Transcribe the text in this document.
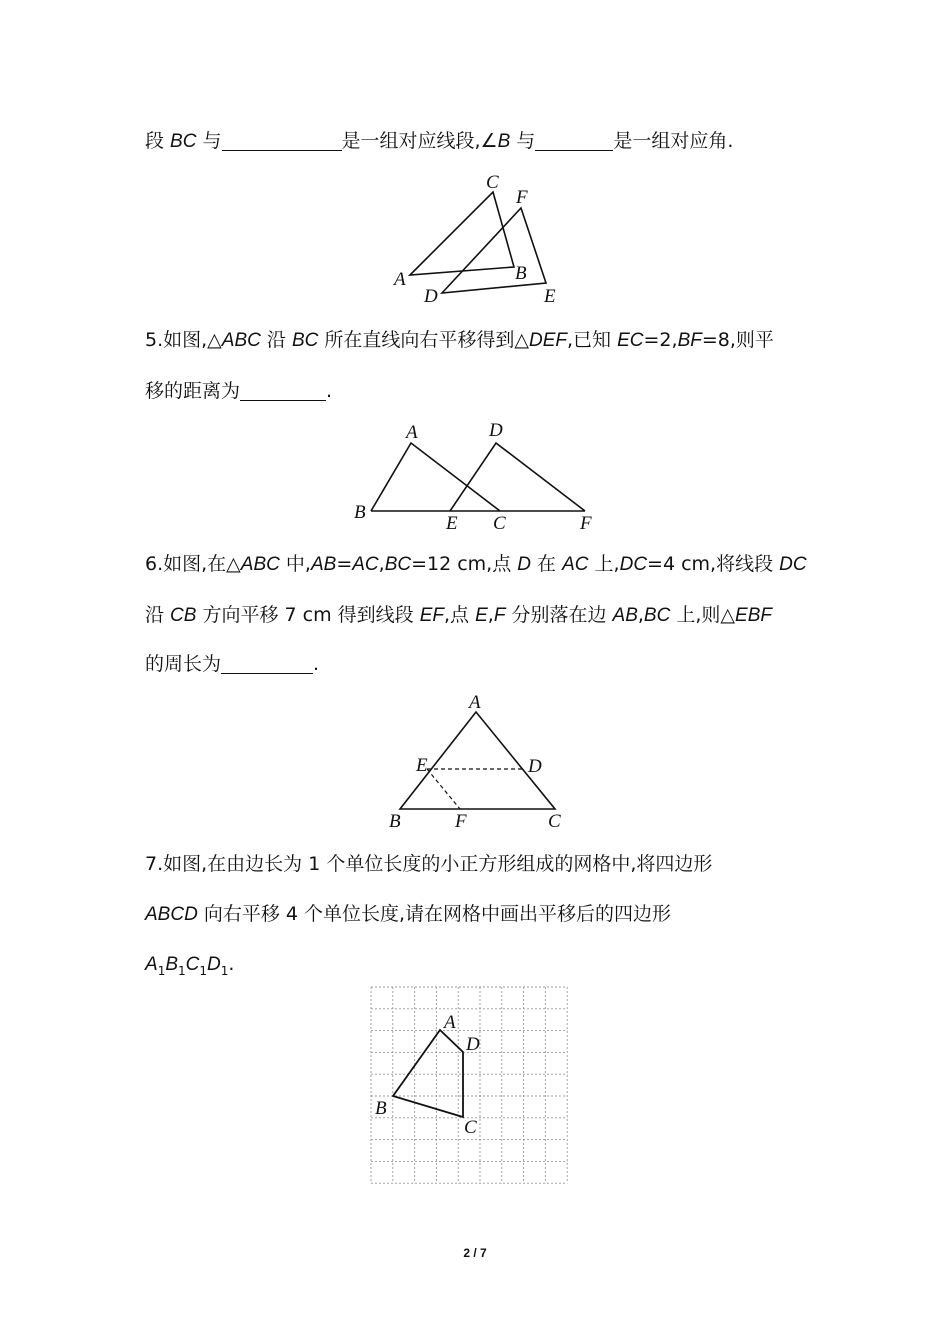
段 BC 与	是一组对应线段,∠B 与	是一组对应角.
C
F
A	B
D	E
5.如图,△ABC 沿 BC 所在直线向右平移得到△DEF,已知 EC=2,BF=8,则平
移的距离为	.
A	D
B
E C	F
6.如图,在△ABC 中,AB=AC,BC=12 cm,点 D 在 AC 上,DC=4 cm,将线段 DC
沿 CB 方向平移 7 cm 得到线段 EF,点 E,F 分别落在边 AB,BC 上,则△EBF
的周长为	.
A
E	D
B	F	C
7.如图,在由边长为 1 个单位长度的小正方形组成的网格中,将四边形
ABCD 向右平移 4 个单位长度,请在网格中画出平移后的四边形
$A_1B_1C_1D_1$.
A
D
B
C
2 / 7
